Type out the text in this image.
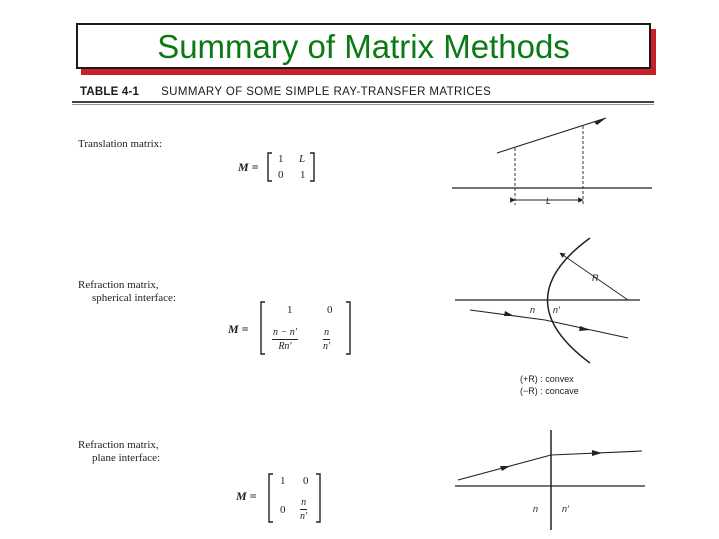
Summary of Matrix Methods
TABLE 4-1 SUMMARY OF SOME SIMPLE RAY-TRANSFER MATRICES
Translation matrix:
M =
1 L
0 1
Refraction matrix,
spherical interface:
M =
1	0
$\frac{n - n'}{Rn'}$	$\frac{n}{n'}$
Refraction matrix,
plane interface:
M =
1 0
$0 \frac{n}{n'}$
L
R
n n′
n	n′
(+R) : convex
(−R) : concave
